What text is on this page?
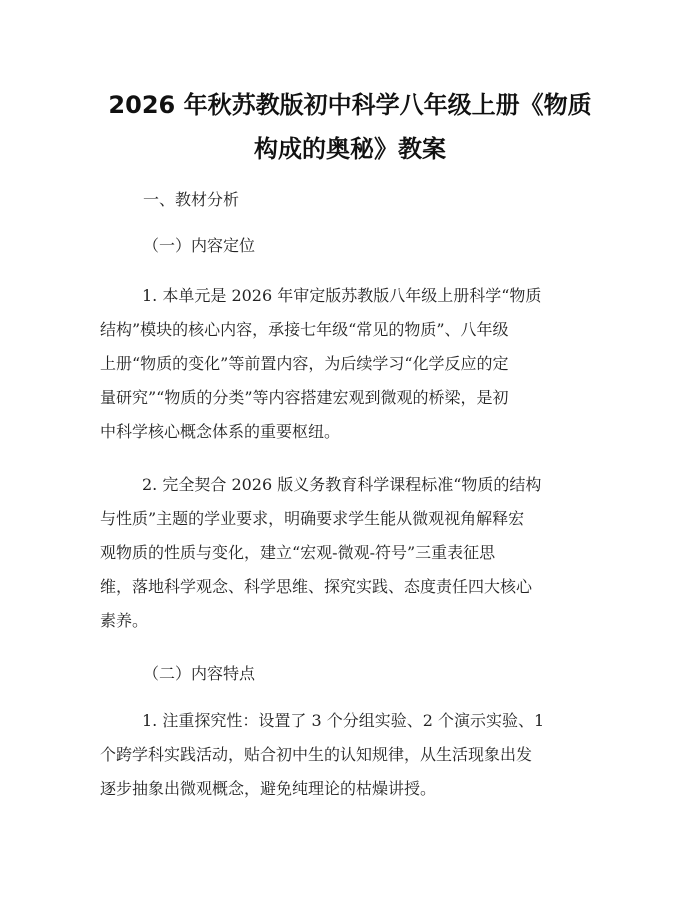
2026 年秋苏教版初中科学八年级上册《物质
构成的奥秘》教案
一、教材分析
（一）内容定位
1. 本单元是 2026 年审定版苏教版八年级上册科学“物质
结构”模块的核心内容，承接七年级“常见的物质”、八年级
上册“物质的变化”等前置内容，为后续学习“化学反应的定
量研究”“物质的分类”等内容搭建宏观到微观的桥梁，是初
中科学核心概念体系的重要枢纽。
2. 完全契合 2026 版义务教育科学课程标准“物质的结构
与性质”主题的学业要求，明确要求学生能从微观视角解释宏
观物质的性质与变化，建立“宏观-微观-符号”三重表征思
维，落地科学观念、科学思维、探究实践、态度责任四大核心
素养。
（二）内容特点
1. 注重探究性：设置了 3 个分组实验、2 个演示实验、1
个跨学科实践活动，贴合初中生的认知规律，从生活现象出发
逐步抽象出微观概念，避免纯理论的枯燥讲授。
